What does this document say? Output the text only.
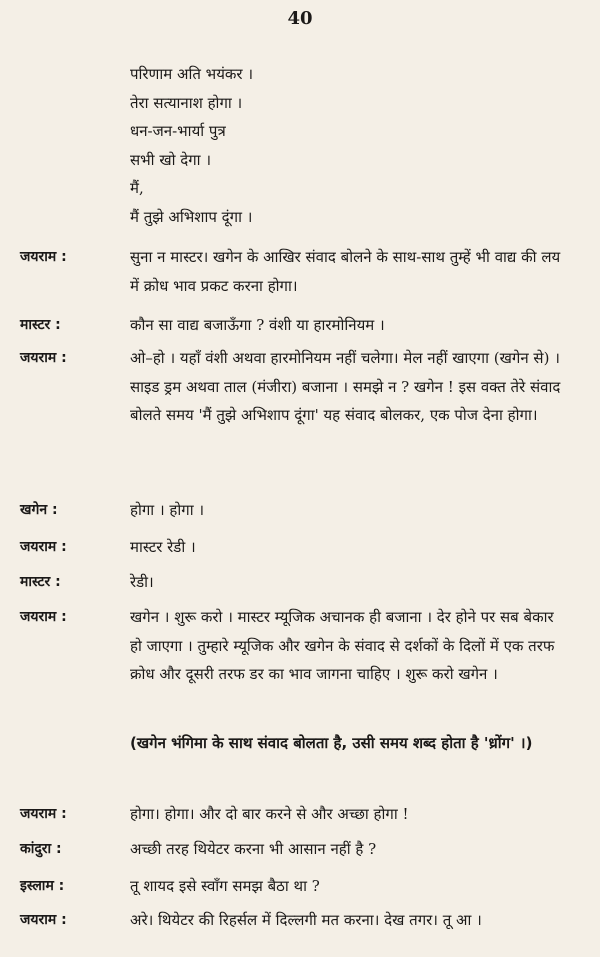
40
परिणाम अति भयंकर ।
तेरा सत्यानाश होगा ।
धन-जन-भार्या पुत्र
सभी खो देगा ।
मैं,
मैं तुझे अभिशाप दूंगा ।
जयराम :	सुना न मास्टर। खगेन के आखिर संवाद बोलने के साथ-साथ तुम्हें भी वाद्य की लय में क्रोध भाव प्रकट करना होगा।
मास्टर :	कौन सा वाद्य बजाऊँगा ? वंशी या हारमोनियम ।
जयराम :	ओ–हो । यहाँ वंशी अथवा हारमोनियम नहीं चलेगा। मेल नहीं खाएगा (खगेन से) । साइड ड्रम अथवा ताल (मंजीरा) बजाना । समझे न ? खगेन ! इस वक्त तेरे संवाद बोलते समय 'मैं तुझे अभिशाप दूंगा' यह संवाद बोलकर, एक पोज देना होगा।
खगेन :	होगा । होगा ।
जयराम :	मास्टर रेडी ।
मास्टर :	रेडी।
जयराम :	खगेन । शुरू करो । मास्टर म्यूजिक अचानक ही बजाना । देर होने पर सब बेकार हो जाएगा । तुम्हारे म्यूजिक और खगेन के संवाद से दर्शकों के दिलों में एक तरफ क्रोध और दूसरी तरफ डर का भाव जागना चाहिए । शुरू करो खगेन ।
(खगेन भंगिमा के साथ संवाद बोलता है, उसी समय शब्द होता है 'ध्रोंग' ।)
जयराम :	होगा। होगा। और दो बार करने से और अच्छा होगा !
कांदुरा :	अच्छी तरह थियेटर करना भी आसान नहीं है ?
इस्लाम :	तू शायद इसे स्वाँग समझ बैठा था ?
जयराम :	अरे। थियेटर की रिहर्सल में दिल्लगी मत करना। देख तगर। तू आ ।
